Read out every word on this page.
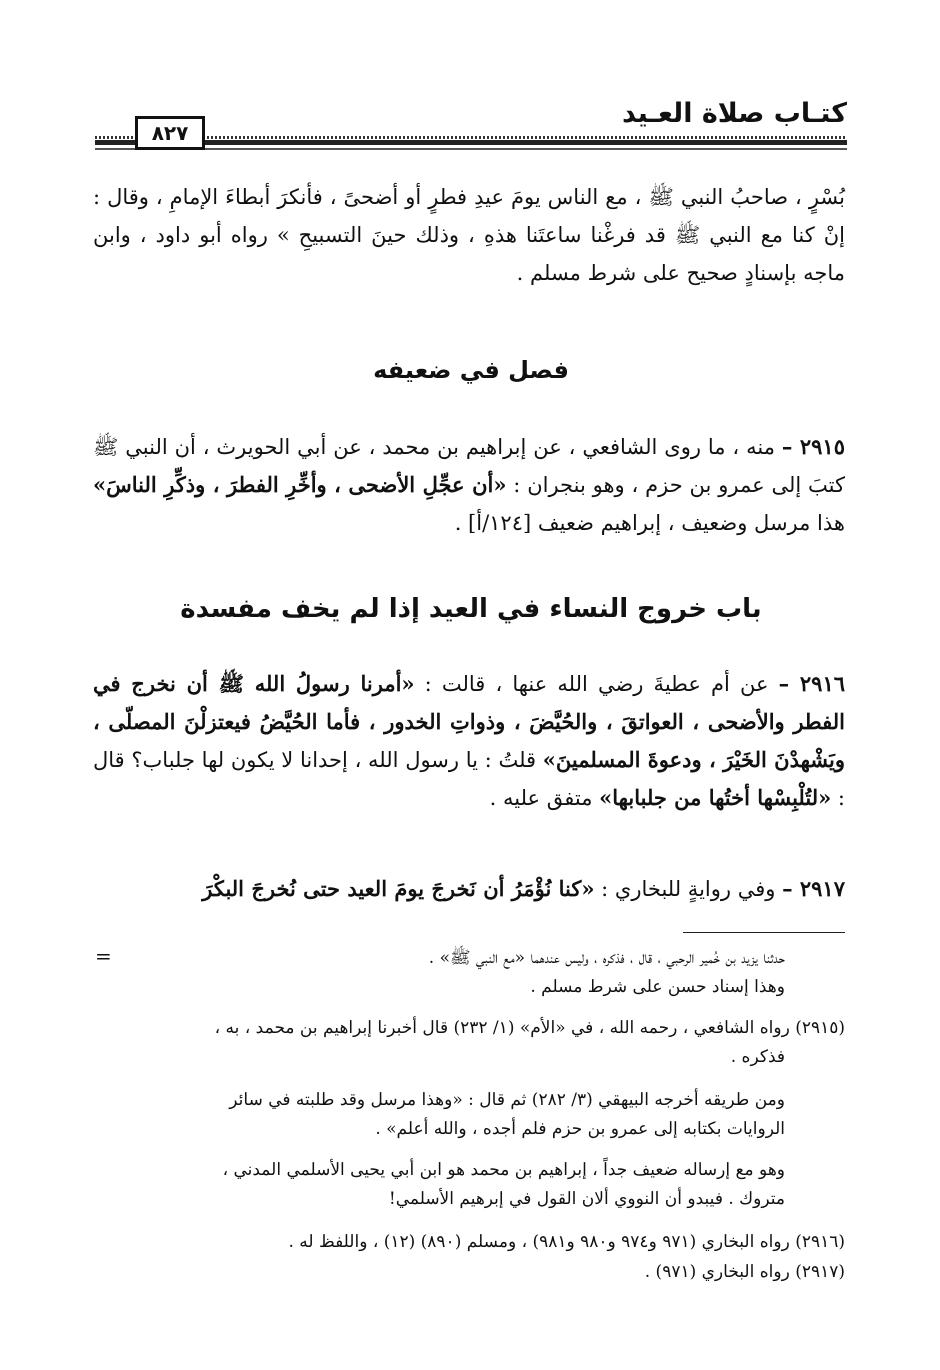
كتـاب صلاة العـيد
٨٢٧
بُسْرٍ ، صاحبُ النبي ﷺ ، مع الناس يومَ عيدِ فطرٍ أو أضحىً ، فأنكرَ أبطاءَ الإمامِ ، وقال : إنْ كنا مع النبي ﷺ قد فرغْنا ساعتَنا هذهِ ، وذلك حينَ التسبيحِ » رواه أبو داود ، وابن ماجه بإسنادٍ صحيح على شرط مسلم .
فصل في ضعيفه
٢٩١٥ – منه ، ما روى الشافعي ، عن إبراهيم بن محمد ، عن أبي الحويرث ، أن النبي ﷺ كتبَ إلى عمرو بن حزم ، وهو بنجران : «أن عجِّلِ الأضحى ، وأخِّرِ الفطرَ ، وذكِّرِ الناسَ» هذا مرسل وضعيف ، إبراهيم ضعيف [١٢٤/أ] .
باب خروج النساء في العيد إذا لم يخف مفسدة
٢٩١٦ – عن أم عطيةَ رضي الله عنها ، قالت : «أمرنا رسولُ الله ﷺ أن نخرج في الفطر والأضحى ، العواتقَ ، والحُيَّضَ ، وذواتِ الخدور ، فأما الحُيَّضُ فيعتزلْنَ المصلّى ، ويَشْهدْنَ الخَيْرَ ، ودعوةَ المسلمينَ» قلتُ : يا رسول الله ، إحدانا لا يكون لها جلباب؟ قال : «لتُلْبِسْها أختُها من جلبابها» متفق عليه .
٢٩١٧ – وفي روايةٍ للبخاري : «كنا نُؤْمَرُ أن نَخرجَ يومَ العيد حتى نُخرجَ البكْرَ
=	حدثنا يزيد بن خُمير الرحبي ، قال ، فذكره ، وليس عندهما «مع النبي ﷺ» .
وهذا إسناد حسن على شرط مسلم .
(٢٩١٥) رواه الشافعي ، رحمه الله ، في «الأم» (١/ ٢٣٢) قال أخبرنا إبراهيم بن محمد ، به ،
فذكره .
ومن طريقه أخرجه البيهقي (٣/ ٢٨٢) ثم قال : «وهذا مرسل وقد طلبته في سائر
الروايات بكتابه إلى عمرو بن حزم فلم أجده ، والله أعلم» .
وهو مع إرساله ضعيف جداً ، إبراهيم بن محمد هو ابن أبي يحيى الأسلمي المدني ،
متروك . فيبدو أن النووي ألان القول في إبرهيم الأسلمي!
(٢٩١٦) رواه البخاري (٩٧١ و٩٧٤ و٩٨٠ و٩٨١) ، ومسلم (٨٩٠) (١٢) ، واللفظ له .
(٢٩١٧) رواه البخاري (٩٧١) .
